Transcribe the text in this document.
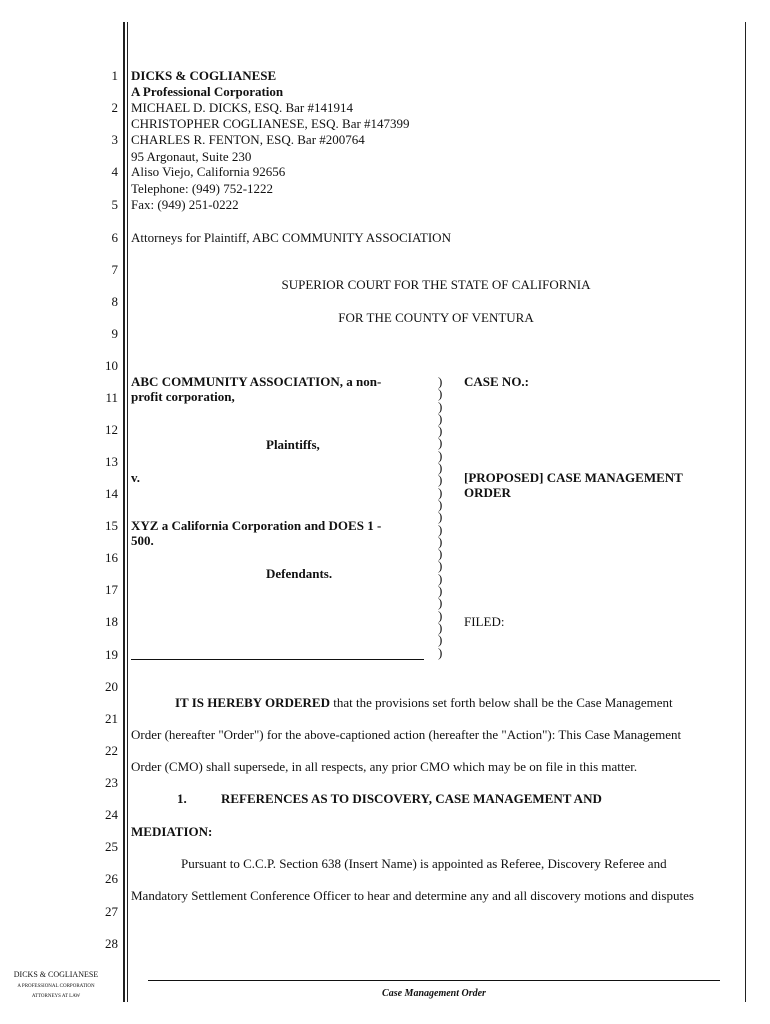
1
2
3
4
5
6
7
8
9
10
11
12
13
14
15
16
17
18
19
20
21
22
23
24
25
26
27
28
DICKS & COGLIANESE
A Professional Corporation
MICHAEL D. DICKS, ESQ. Bar #141914
CHRISTOPHER COGLIANESE, ESQ. Bar #147399
CHARLES R. FENTON, ESQ. Bar #200764
95 Argonaut, Suite 230
Aliso Viejo, California 92656
Telephone: (949) 752-1222
Fax: (949) 251-0222
Attorneys for Plaintiff, ABC COMMUNITY ASSOCIATION
SUPERIOR COURT FOR THE STATE OF CALIFORNIA
FOR THE COUNTY OF VENTURA
ABC COMMUNITY ASSOCIATION, a non-
profit corporation,
Plaintiffs,
v.
XYZ a California Corporation and DOES 1 -
500.
Defendants.
)
)
)
)
)
)
)
)
)
)
)
)
)
)
)
)
)
)
)
)
)
)
)
CASE NO.:
[PROPOSED] CASE MANAGEMENT
ORDER
FILED:
IT IS HEREBY ORDERED that the provisions set forth below shall be the Case Management
Order (hereafter "Order") for the above-captioned action (hereafter the "Action"): This Case Management
Order (CMO) shall supersede, in all respects, any prior CMO which may be on file in this matter.
1.	REFERENCES AS TO DISCOVERY, CASE MANAGEMENT AND
MEDIATION:
Pursuant to C.C.P. Section 638 (Insert Name) is appointed as Referee, Discovery Referee and
Mandatory Settlement Conference Officer to hear and determine any and all discovery motions and disputes
DICKS & COGLIANESE
A PROFESSIONAL CORPORATION
ATTORNEYS AT LAW	Case Management Order
